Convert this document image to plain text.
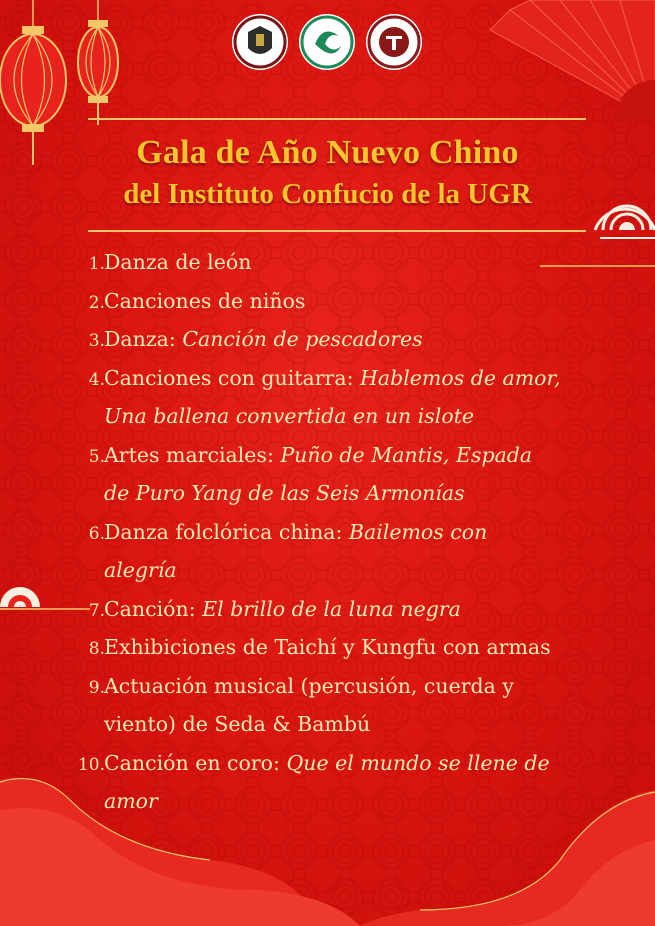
Gala de Año Nuevo Chino
del Instituto Confucio de la UGR
1. Danza de león
2. Canciones de niños
3. Danza: Canción de pescadores
4. Canciones con guitarra: Hablemos de amor,
Una ballena convertida en un islote
5. Artes marciales: Puño de Mantis, Espada
de Puro Yang de las Seis Armonías
6. Danza folclórica china: Bailemos con
alegría
7. Canción: El brillo de la luna negra
8. Exhibiciones de Taichí y Kungfu con armas
9. Actuación musical (percusión, cuerda y
viento) de Seda & Bambú
10. Canción en coro: Que el mundo se llene de
amor
